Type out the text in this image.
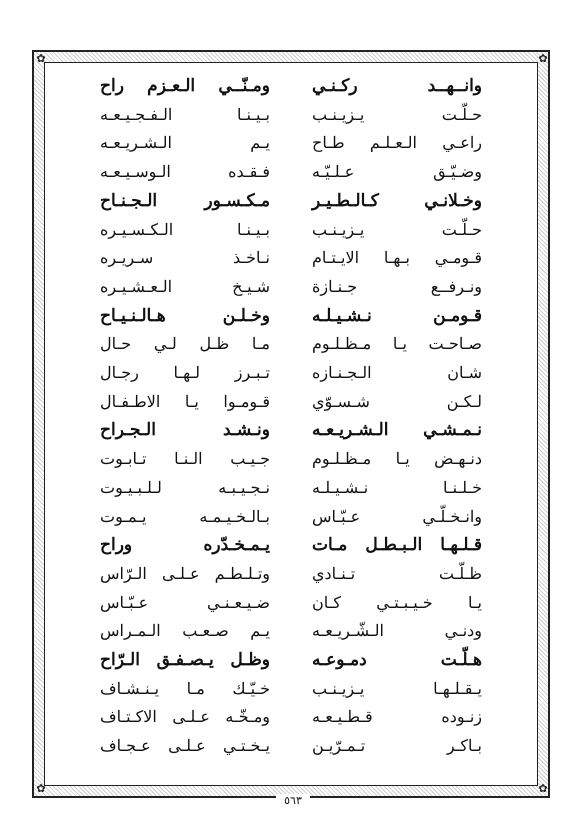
✿
✿
✿
✿
وانــهــد ركـنـي
ومـنّــي الـعـزم راح
حـلّـت يـزيـنـب
بـيـنـا الـفـجـيـعـه
راعـي الـعـلـم طـاح
يـم الـشـريـعـه
وضـيّـق عـلـيّـه
فـقـده الـوسـيـعـه
وخـلانـي كـالـطـيـر
مـكـسـور الـجـنـاح
حـلّـت يـزيـنـب
بـيـنـا الـكـسـيـره
قـومـي بـهـا الايـتـام
نـاخـذ سـريـره
ونـرفــع جـنـازة
شـيـخ الـعـشـيـره
قـومـن نـشـيـلـه
وخـلـن هـالـنـيـاح
صـاحـت يـا مـظـلـوم
مـا ظـل لـي حـال
شـان الـجـنـازه
تـبـرز لـهـا رجـال
لـكـن شـسـوّي
قـومـوا يـا الاطـفـال
نـمـشـي الـشـريـعـه
ونـشـد الـجـراح
دنـهـض يـا مـظـلـوم
جـيـب الـنـا تـابـوت
خـلـنـا نـشـيـلـه
نـجـيـبـه لـلـبـيـوت
وانـخـلّـي عـبّـاس
بـالـخـيـمـه يـمـوت
قـلـهـا الـبـطـل مـات
يـمـخـدّره وراح
ظـلّـت تـنـادي
وتـلـطـم عـلـى الـرّاس
يـا خـيـبـتـي كـان
ضـيـعـنـي عـبّـاس
ودنـي الـشّـريـعـه
يـم صـعـب الـمـراس
هـلّـت دمـوعـه
وظـل يـصـفـق الـرّاح
يـقـلـهـا يـزيـنـب
خـيّـك مـا يـنـشـاف
زنـوده قـطـيـعـه
ومـخّـه عـلـى الاكـتـاف
بـاكـر تـمـرّيـن
يـخـتـي عـلـى عـجـاف
٥٦٣
